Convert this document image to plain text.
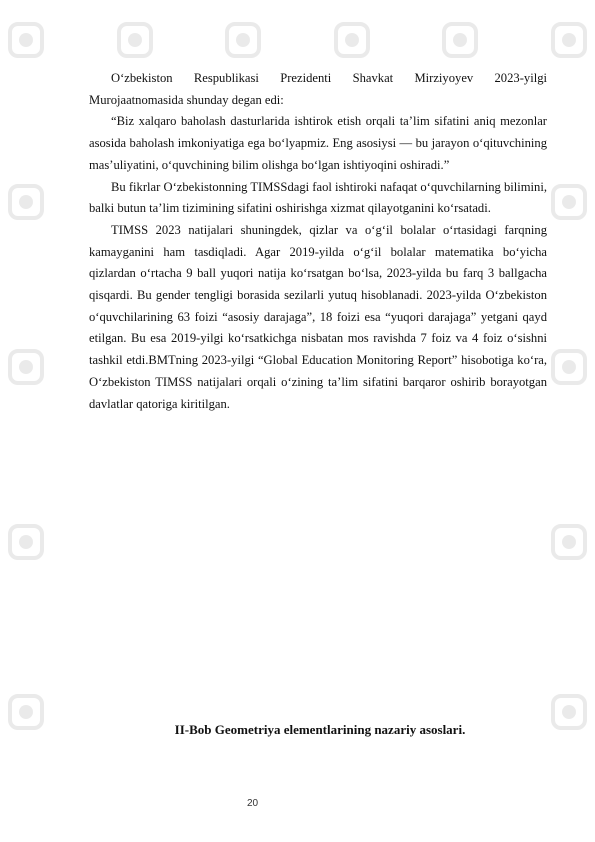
O‘zbekiston Respublikasi Prezidenti Shavkat Mirziyoyev 2023-yilgi Murojaatnomasida shunday degan edi:

“Biz xalqaro baholash dasturlarida ishtirok etish orqali ta’lim sifatini aniq mezonlar asosida baholash imkoniyatiga ega bo‘lyapmiz. Eng asosiysi — bu jarayon o‘qituvchining mas’uliyatini, o‘quvchining bilim olishga bo‘lgan ishtiyoqini oshiradi.”

Bu fikrlar O‘zbekistonning TIMSSdagi faol ishtiroki nafaqat o‘quvchilarning bilimini, balki butun ta’lim tizimining sifatini oshirishga xizmat qilayotganini ko‘rsatadi.

TIMSS 2023 natijalari shuningdek, qizlar va o‘g‘il bolalar o‘rtasidagi farqning kamayganini ham tasdiqladi. Agar 2019-yilda o‘g‘il bolalar matematika bo‘yicha qizlardan o‘rtacha 9 ball yuqori natija ko‘rsatgan bo‘lsa, 2023-yilda bu farq 3 ballgacha qisqardi. Bu gender tengligi borasida sezilarli yutuq hisoblanadi. 2023-yilda O‘zbekiston o‘quvchilarining 63 foizi “asosiy darajaga”, 18 foizi esa “yuqori darajaga” yetgani qayd etilgan. Bu esa 2019-yilgi ko‘rsatkichga nisbatan mos ravishda 7 foiz va 4 foiz o‘sishni tashkil etdi.BMTning 2023-yilgi “Global Education Monitoring Report” hisobotiga ko‘ra, O‘zbekiston TIMSS natijalari orqali o‘zining ta’lim sifatini barqaror oshirib borayotgan davlatlar qatoriga kiritilgan.

II-Bob Geometriya elementlarining nazariy asoslari.
20
